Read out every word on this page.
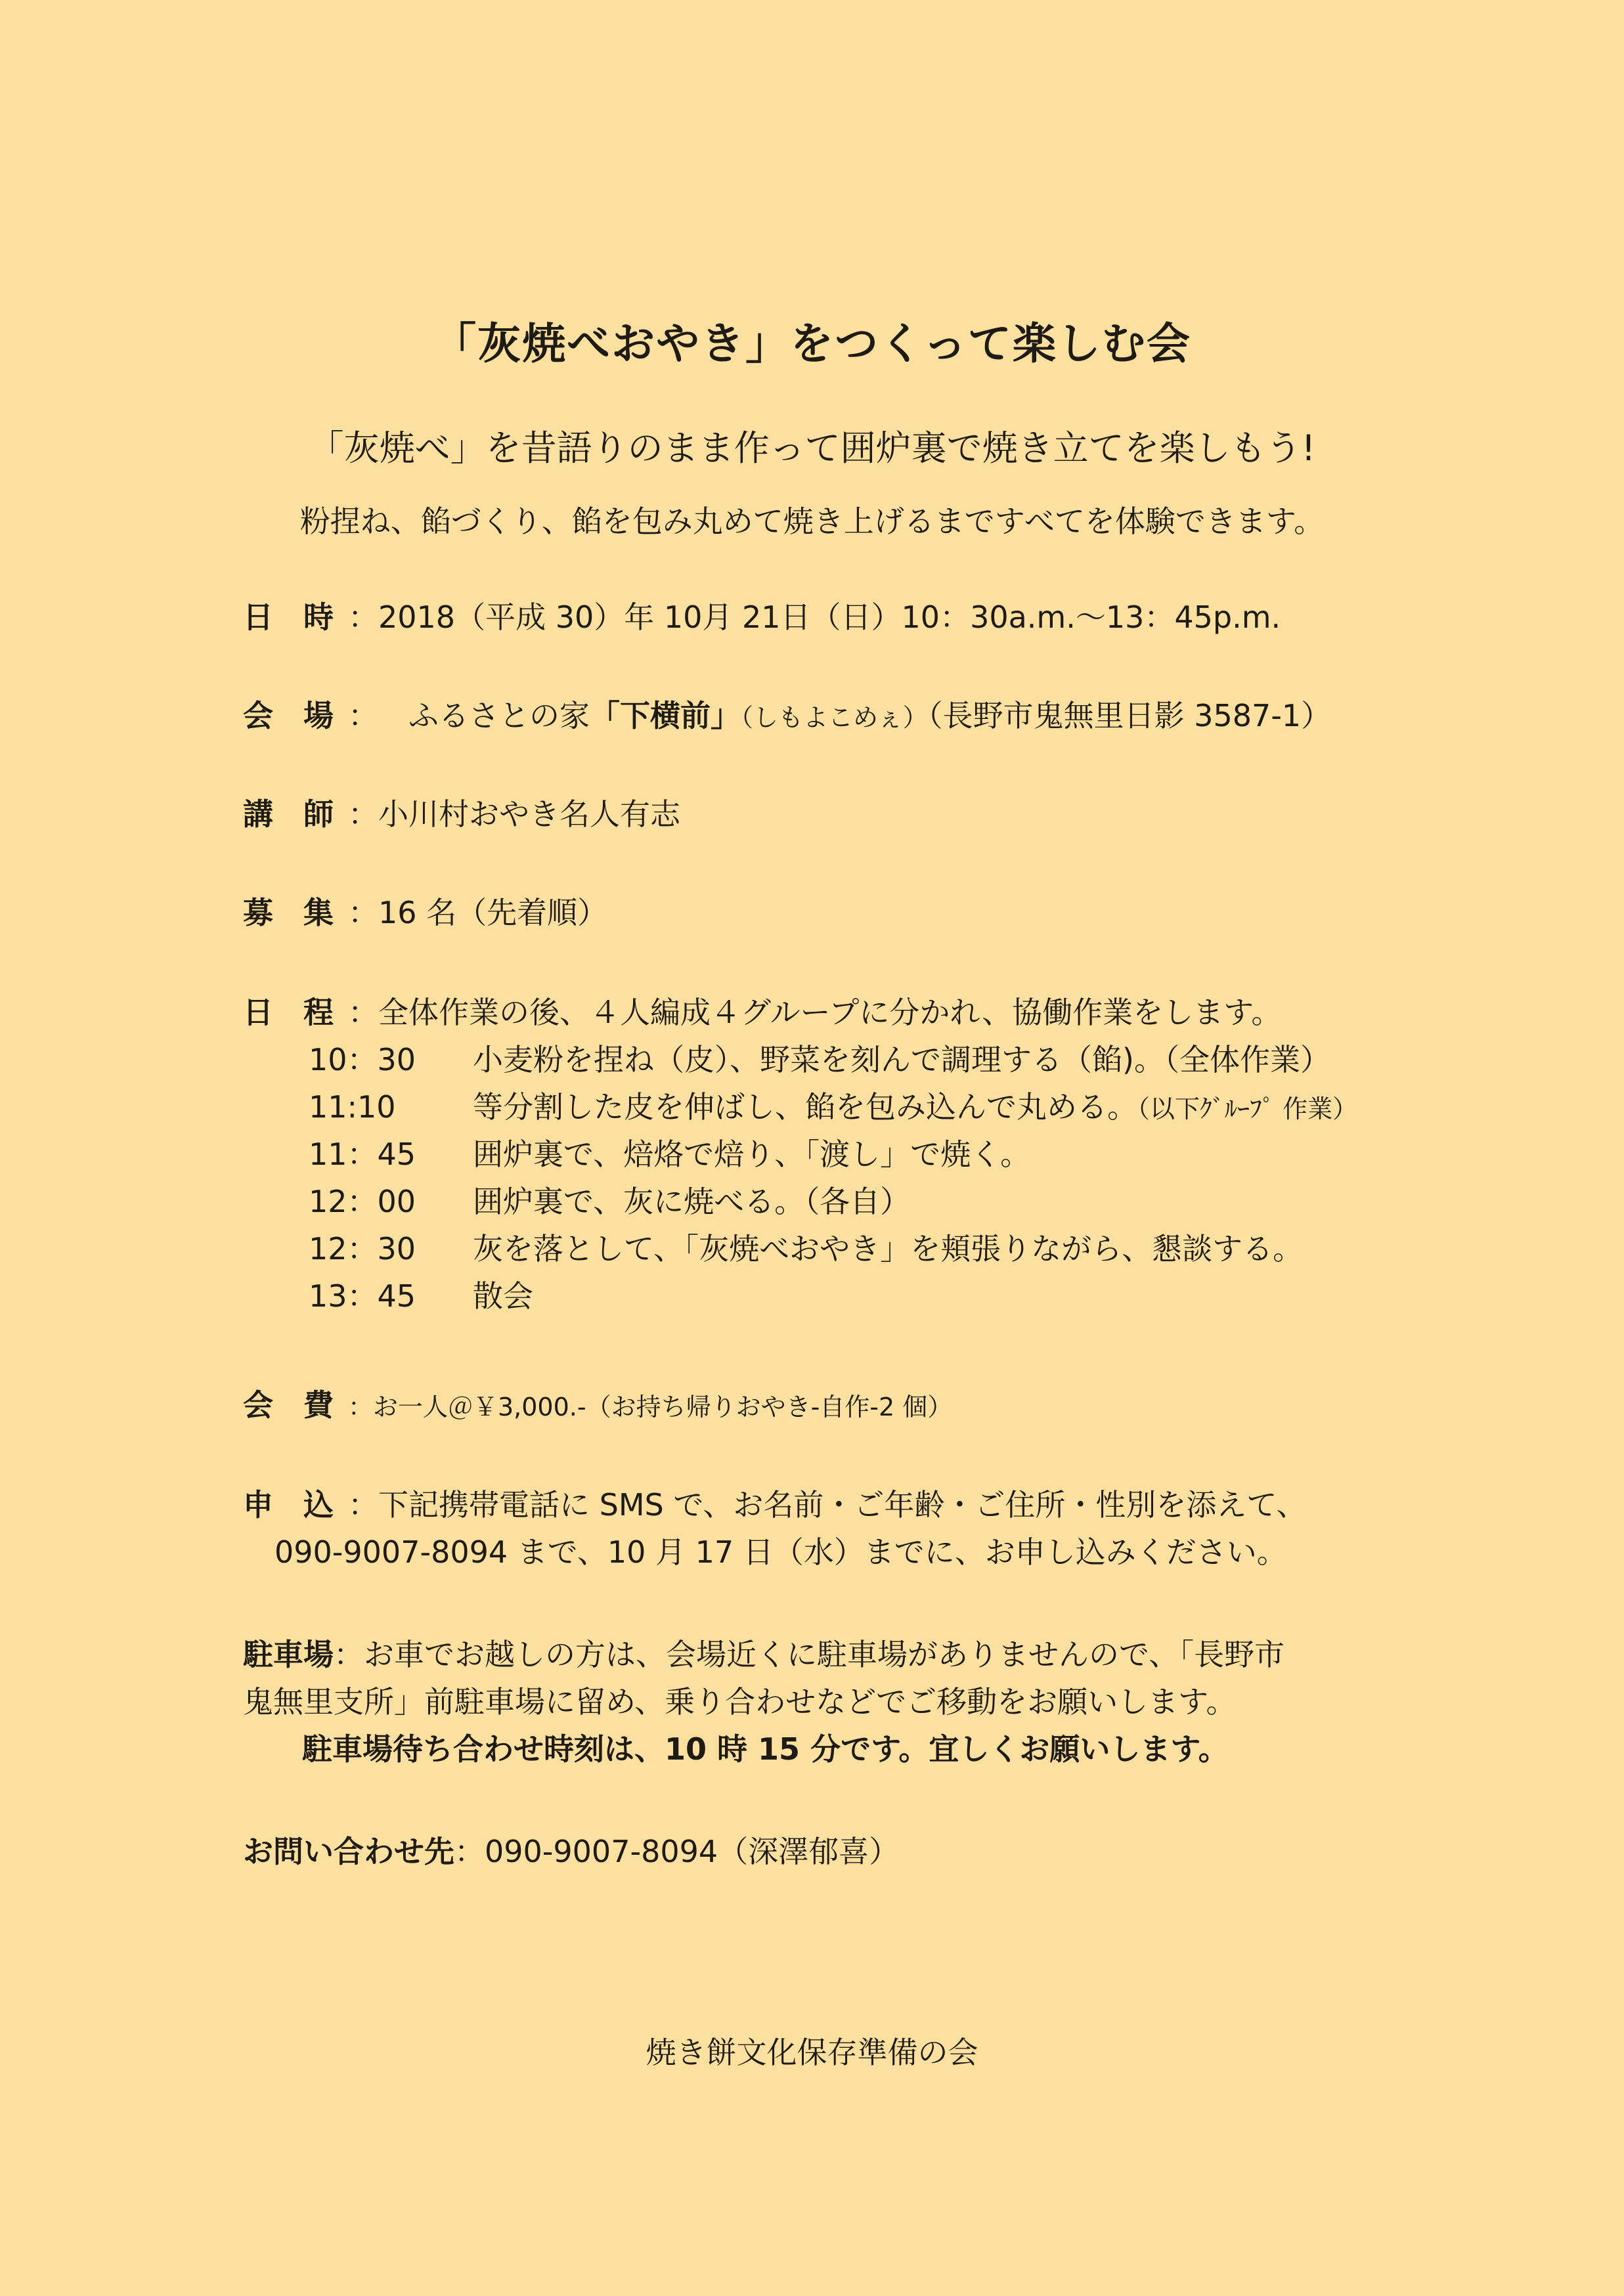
「灰焼べおやき」をつくって楽しむ会
「灰焼べ」を昔語りのまま作って囲炉裏で焼き立てを楽しもう!
粉捏ね、餡づくり、餡を包み丸めて焼き上げるまですべてを体験できます。
日　時 ：2018（平成 30）年 10月 21日（日）10：30a.m.～13：45p.m.
会　場 ： ふるさとの家「下横前」（しもよこめぇ）（長野市鬼無里日影 3587-1）
講　師 ：小川村おやき名人有志
募　集 ：16 名（先着順）
日　程 ：全体作業の後、４人編成４グループに分かれ、協働作業をします。
10：30 小麦粉を捏ね（皮）、野菜を刻んで調理する（餡)。（全体作業）
11:10	等分割した皮を伸ばし、餡を包み込んで丸める。（以下ｸﾞﾙｰﾌﾟ 作業）
11：45 囲炉裏で、焙烙で焙り、「渡し」で焼く。
12：00 囲炉裏で、灰に焼べる。（各自）
12：30 灰を落として、「灰焼べおやき」を頬張りながら、懇談する。
13：45 散会
会　費 ：お一人＠￥3,000.-（お持ち帰りおやき-自作-2 個）
申　込 ：下記携帯電話に SMS で、お名前・ご年齢・ご住所・性別を添えて、
090-9007-8094 まで、10 月 17 日（水）までに、お申し込みください。
駐車場：お車でお越しの方は、会場近くに駐車場がありませんので、「長野市
鬼無里支所」前駐車場に留め、乗り合わせなどでご移動をお願いします。
駐車場待ち合わせ時刻は、10 時 15 分です。宜しくお願いします。
お問い合わせ先：090-9007-8094（深澤郁喜）
焼き餅文化保存準備の会
